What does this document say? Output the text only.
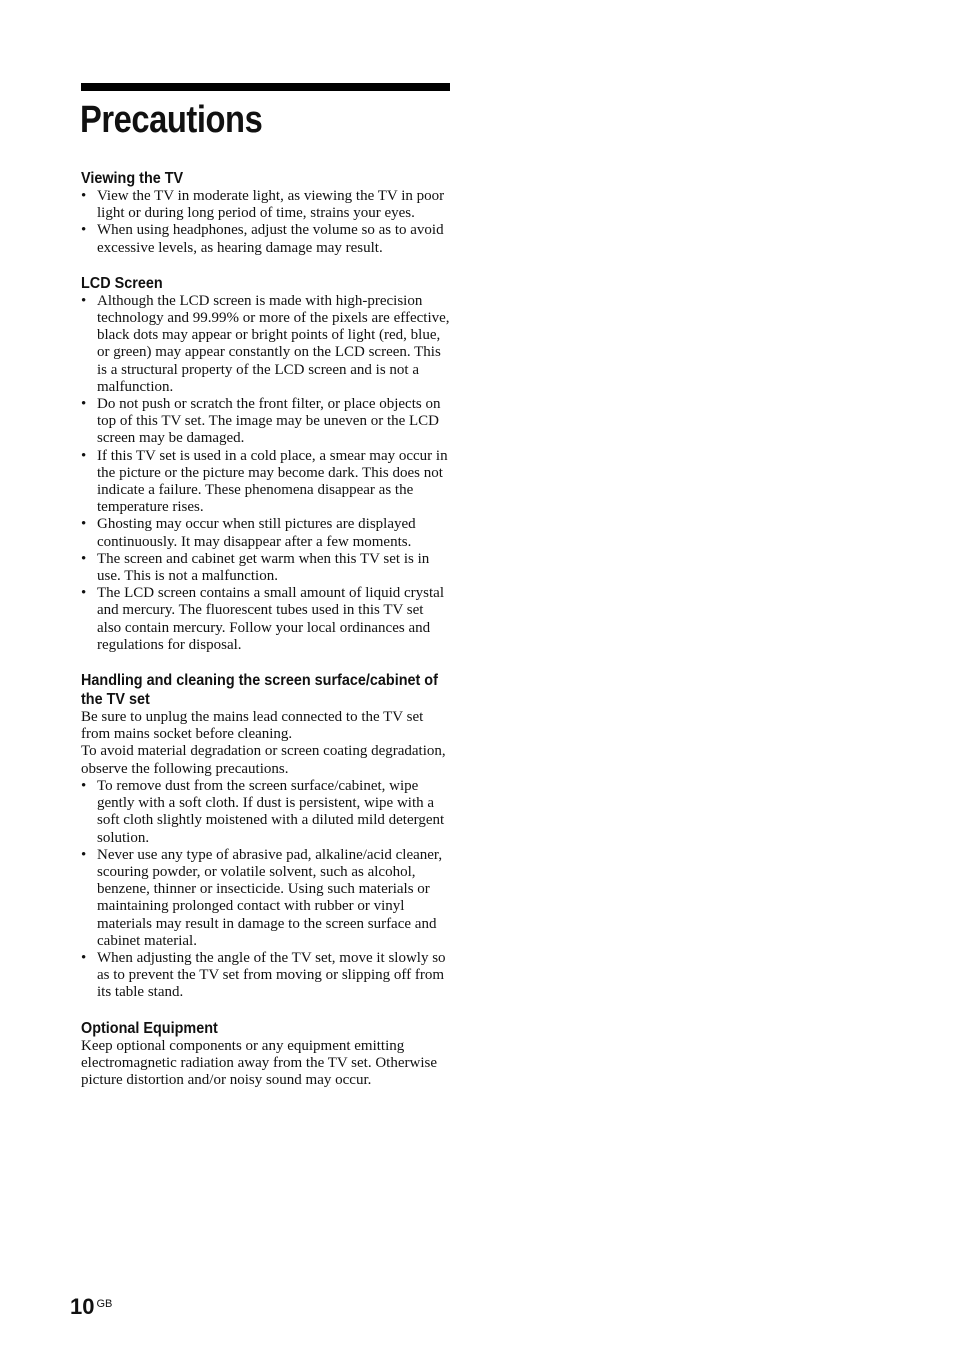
Precautions
Viewing the TV
• View the TV in moderate light, as viewing the TV in poor light or during long period of time, strains your eyes.
• When using headphones, adjust the volume so as to avoid excessive levels, as hearing damage may result.
LCD Screen
• Although the LCD screen is made with high-precision technology and 99.99% or more of the pixels are effective, black dots may appear or bright points of light (red, blue, or green) may appear constantly on the LCD screen. This is a structural property of the LCD screen and is not a malfunction.
• Do not push or scratch the front filter, or place objects on top of this TV set. The image may be uneven or the LCD screen may be damaged.
• If this TV set is used in a cold place, a smear may occur in the picture or the picture may become dark. This does not indicate a failure. These phenomena disappear as the temperature rises.
• Ghosting may occur when still pictures are displayed continuously. It may disappear after a few moments.
• The screen and cabinet get warm when this TV set is in use. This is not a malfunction.
• The LCD screen contains a small amount of liquid crystal and mercury. The fluorescent tubes used in this TV set also contain mercury. Follow your local ordinances and regulations for disposal.
Handling and cleaning the screen surface/cabinet of the TV set

Be sure to unplug the mains lead connected to the TV set from mains socket before cleaning.

To avoid material degradation or screen coating degradation, observe the following precautions.

• To remove dust from the screen surface/cabinet, wipe gently with a soft cloth. If dust is persistent, wipe with a soft cloth slightly moistened with a diluted mild detergent solution.
• Never use any type of abrasive pad, alkaline/acid cleaner, scouring powder, or volatile solvent, such as alcohol, benzene, thinner or insecticide. Using such materials or maintaining prolonged contact with rubber or vinyl materials may result in damage to the screen surface and cabinet material.
• When adjusting the angle of the TV set, move it slowly so as to prevent the TV set from moving or slipping off from its table stand.
Optional Equipment

Keep optional components or any equipment emitting electromagnetic radiation away from the TV set. Otherwise picture distortion and/or noisy sound may occur.

10 $^{GB}$
